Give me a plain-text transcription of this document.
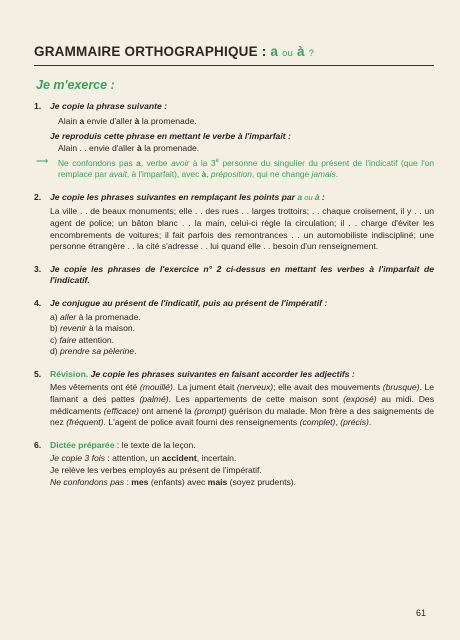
GRAMMAIRE ORTHOGRAPHIQUE : a ou à ?
Je m'exerce :
1. Je copie la phrase suivante :
Alain a envie d'aller à la promenade.
Je reproduis cette phrase en mettant le verbe à l'imparfait :
Alain . . envie d'aller à la promenade.
⟶ Ne confondons pas a, verbe avoir à la 3e personne du singulier du présent de l'indicatif (que l'on remplace par avait, à l'imparfait), avec à, préposition, qui ne change jamais.
2. Je copie les phrases suivantes en remplaçant les points par a ou à :
La ville . . de beaux monuments; elle . . des rues . . larges trottoirs; . . chaque croisement, il y . . un agent de police; un bâton blanc . . la main, celui-ci règle la circulation; il . . charge d'éviter les encombrements de voitures; il fait parfois des remontrances . . un automobiliste indiscipliné; une personne étrangère . . la cité s'adresse . . lui quand elle . . besoin d'un renseignement.
3. Je copie les phrases de l'exercice n° 2 ci-dessus en mettant les verbes à l'imparfait de l'indicatif.
4. Je conjugue au présent de l'indicatif, puis au présent de l'impératif :
a) aller à la promenade.
b) revenir à la maison.
c) faire attention.
d) prendre sa pèlerine.
5. Révision. Je copie les phrases suivantes en faisant accorder les adjectifs :
Mes vêtements ont été (mouillé). La jument était (nerveux); elle avait des mouvements (brusque). Le flamant a des pattes (palmé). Les appartements de cette maison sont (exposé) au midi. Des médicaments (efficace) ont amené la (prompt) guérison du malade. Mon frère a des saignements de nez (fréquent). L'agent de police avait fourni des renseignements (complet), (précis).
6. Dictée préparée : le texte de la leçon.
Je copie 3 fois : attention, un accident, incertain.
Je relève les verbes employés au présent de l'impératif.
Ne confondons pas : mes (enfants) avec mais (soyez prudents).
61
